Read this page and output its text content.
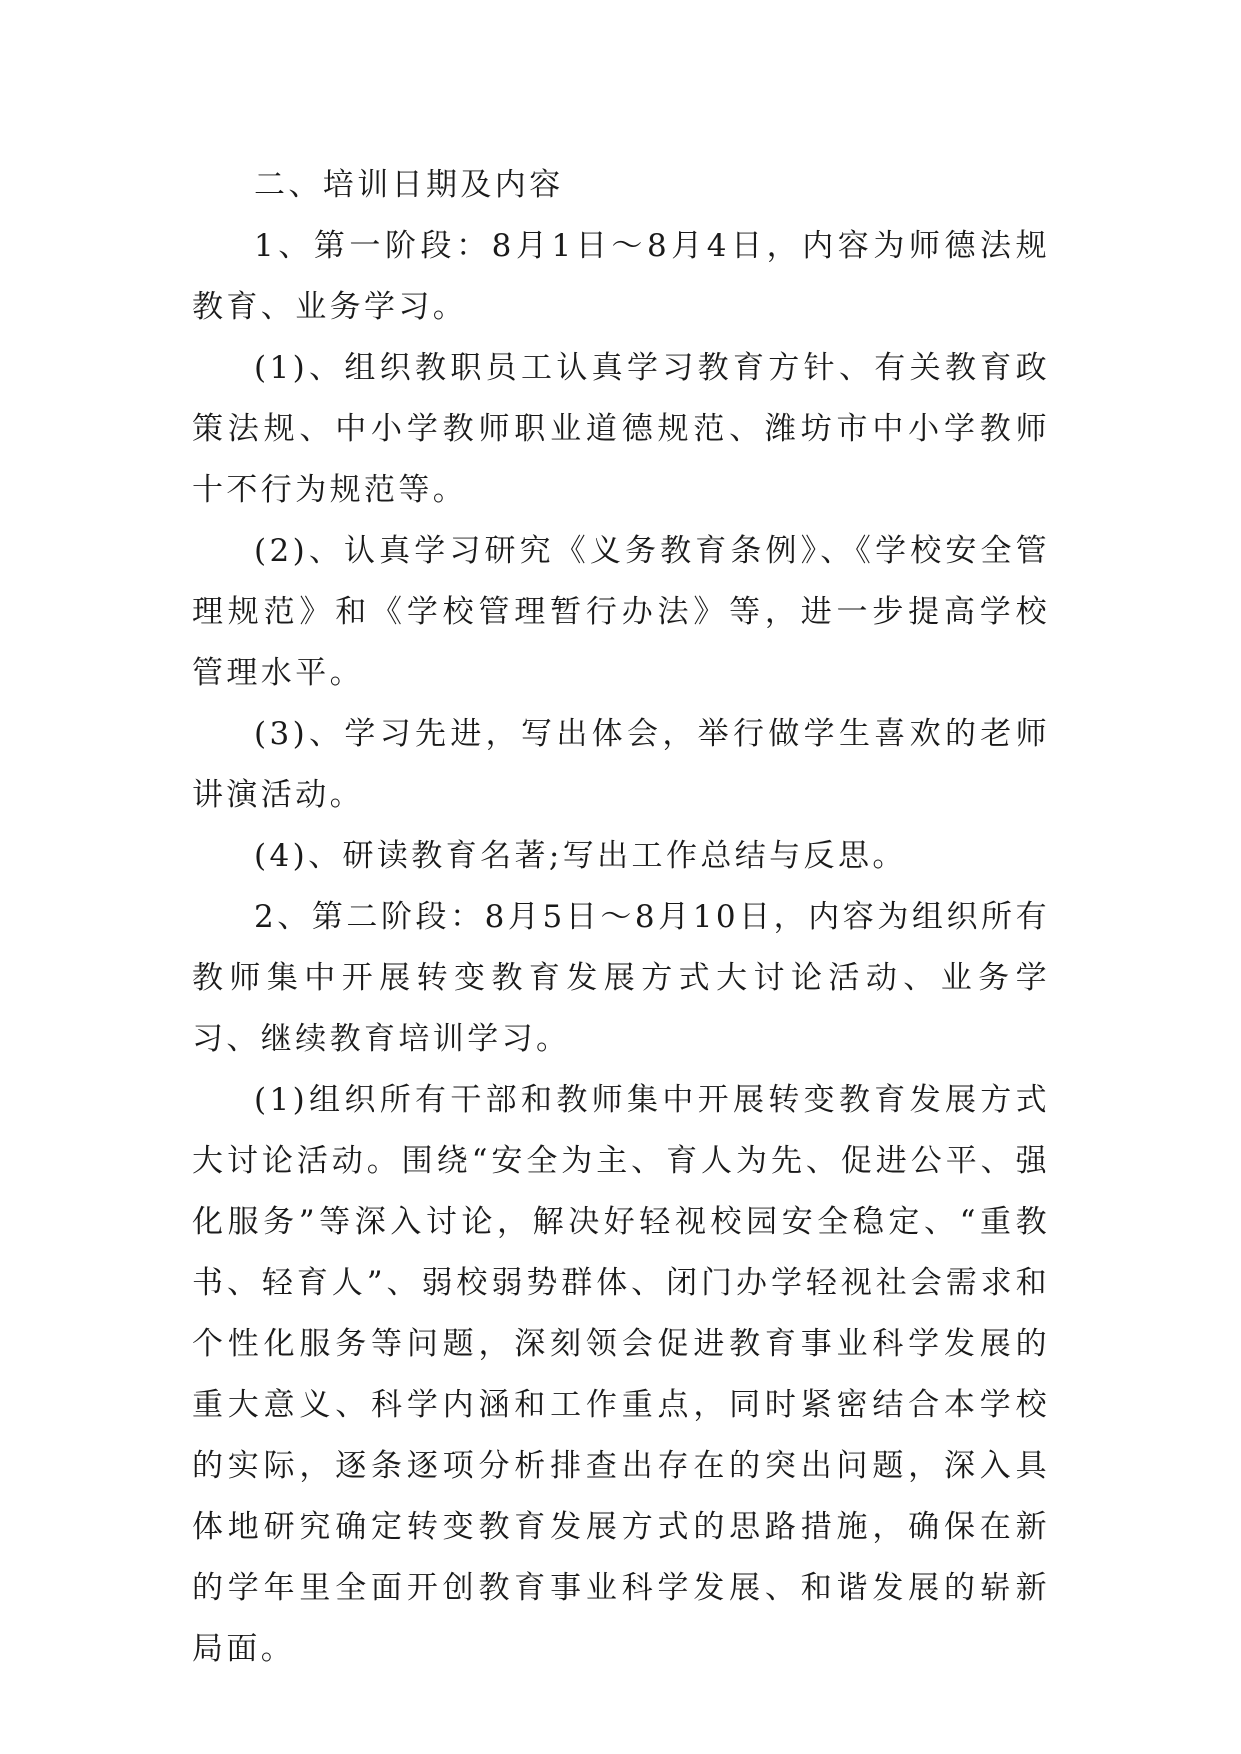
二、培训日期及内容

1、第一阶段：8月1日～8月4日，内容为师德法规教育、业务学习。

(1)、组织教职员工认真学习教育方针、有关教育政策法规、中小学教师职业道德规范、潍坊市中小学教师十不行为规范等。

(2)、认真学习研究《义务教育条例》、《学校安全管理规范》和《学校管理暂行办法》等，进一步提高学校管理水平。

(3)、学习先进，写出体会，举行做学生喜欢的老师讲演活动。

(4)、研读教育名著;写出工作总结与反思。

2、第二阶段：8月5日～8月10日，内容为组织所有教师集中开展转变教育发展方式大讨论活动、业务学习、继续教育培训学习。

(1)组织所有干部和教师集中开展转变教育发展方式大讨论活动。围绕“安全为主、育人为先、促进公平、强化服务”等深入讨论，解决好轻视校园安全稳定、“重教书、轻育人”、弱校弱势群体、闭门办学轻视社会需求和个性化服务等问题，深刻领会促进教育事业科学发展的重大意义、科学内涵和工作重点，同时紧密结合本学校的实际，逐条逐项分析排查出存在的突出问题，深入具体地研究确定转变教育发展方式的思路措施，确保在新的学年里全面开创教育事业科学发展、和谐发展的崭新局面。
